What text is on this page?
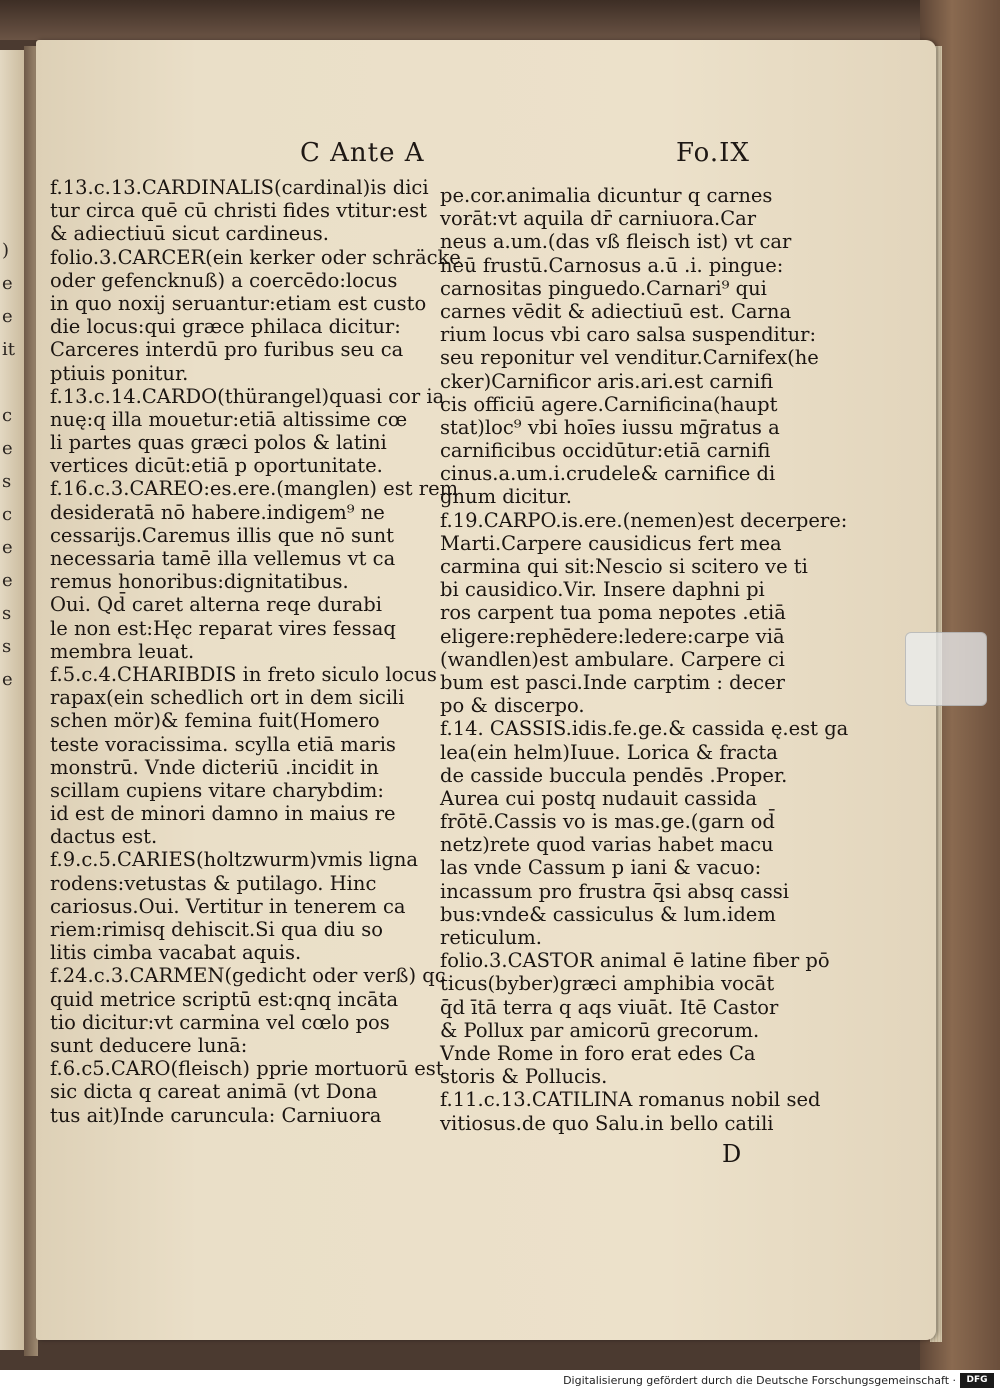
)
e
e
it
c
e
s
c
e
e
s
s
e
C Ante A	Fo.IX
f.13.c.13.CARDINALIS(cardinal)is dici
tur circa quē cū christi fides vtitur:est
& adiectiuū sicut cardineus.
folio.3.CARCER(ein kerker oder schräcke
oder gefencknuß) a coercēdo:locus
in quo noxij seruantur:etiam est custo
die locus:qui græce philaca dicitur:
Carceres interdū pro furibus seu ca
ptiuis ponitur.
f.13.c.14.CARDO(thürangel)quasi cor ia
nuę:q illa mouetur:etiā altissime cœ
li partes quas græci polos & latini
vertices dicūt:etiā p oportunitate.
f.16.c.3.CAREO:es.ere.(manglen) est rem
desideratā nō habere.indigem⁹ ne
cessarijs.Caremus illis que nō sunt
necessaria tamē illa vellemus vt ca
remus honoribus:dignitatibus.
Oui. Qd̄ caret alterna reqe durabi
le non est:Hęc reparat vires fessaq
membra leuat.
f.5.c.4.CHARIBDIS in freto siculo locus
rapax(ein schedlich ort in dem sicili
schen mör)& femina fuit(Homero
teste voracissima. scylla etiā maris
monstrū. Vnde dicteriū .incidit in
scillam cupiens vitare charybdim:
id est de minori damno in maius re
dactus est.
f.9.c.5.CARIES(holtzwurm)vmis ligna
rodens:vetustas & putilago. Hinc
cariosus.Oui. Vertitur in tenerem ca
riem:rimisq dehiscit.Si qua diu so
litis cimba vacabat aquis.
f.24.c.3.CARMEN(gedicht oder verß) qc
quid metrice scriptū est:qnq incāta
tio dicitur:vt carmina vel cœlo pos
sunt deducere lunā:
f.6.c5.CARO(fleisch) pprie mortuorū est
sic dicta q careat animā (vt Dona
tus ait)Inde caruncula: Carniuora
pe.cor.animalia dicuntur q carnes
vorāt:vt aquila dr̄ carniuora.Car
neus a.um.(das vß fleisch ist) vt car
neū frustū.Carnosus a.ū .i. pingue:
carnositas pinguedo.Carnari⁹ qui
carnes vēdit & adiectiuū est. Carna
rium locus vbi caro salsa suspenditur:
seu reponitur vel venditur.Carnifex(he
cker)Carnificor aris.ari.est carnifi
cis officiū agere.Carnificina(haupt
stat)loc⁹ vbi hoīes iussu mḡratus a
carnificibus occidūtur:etiā carnifi
cinus.a.um.i.crudele& carnifice di
gnum dicitur.
f.19.CARPO.is.ere.(nemen)est decerpere:
Marti.Carpere causidicus fert mea
carmina qui sit:Nescio si scitero ve ti
bi causidico.Vir. Insere daphni pi
ros carpent tua poma nepotes .etiā
eligere:rephēdere:ledere:carpe viā
(wandlen)est ambulare. Carpere ci
bum est pasci.Inde carptim : decer
po & discerpo.
f.14. CASSIS.idis.fe.ge.& cassida ę.est ga
lea(ein helm)Iuue. Lorica & fracta
de casside buccula pendēs .Proper.
Aurea cui postq nudauit cassida
frōtē.Cassis vo is mas.ge.(garn od̄
netz)rete quod varias habet macu
las vnde Cassum p iani & vacuo:
incassum pro frustra q̄si absq cassi
bus:vnde& cassiculus & lum.idem
reticulum.
folio.3.CASTOR animal ē latine fiber pō
ticus(byber)græci amphibia vocāt
q̄d ītā terra q aqs viuāt. Itē Castor
& Pollux par amicorū grecorum.
Vnde Rome in foro erat edes Ca
storis & Pollucis.
f.11.c.13.CATILINA romanus nobil sed
vitiosus.de quo Salu.in bello catili
D
Digitalisierung gefördert durch die Deutsche Forschungsgemeinschaft ·	DFG
